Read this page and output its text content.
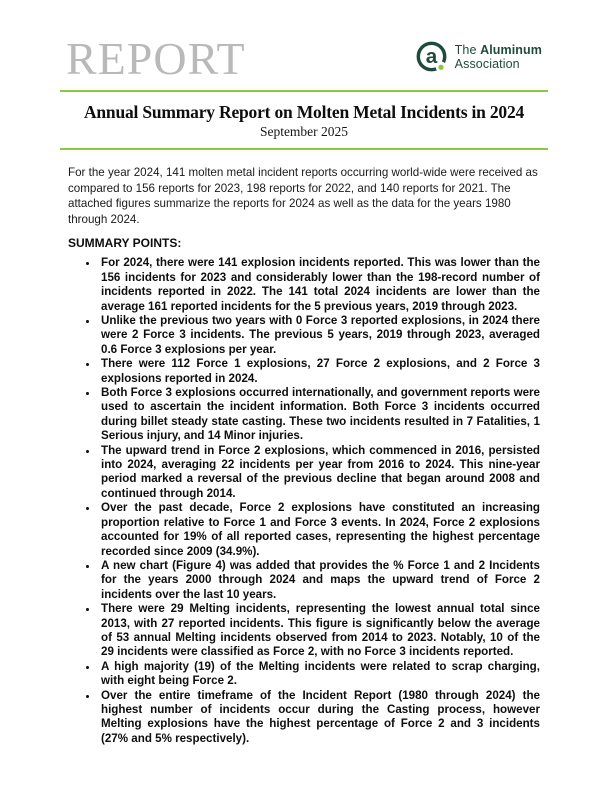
REPORT	a The Aluminum
Association
Annual Summary Report on Molten Metal Incidents in 2024
September 2025

For the year 2024, 141 molten metal incident reports occurring world-wide were received as compared to 156 reports for 2023, 198 reports for 2022, and 140 reports for 2021. The attached figures summarize the reports for 2024 as well as the data for the years 1980 through 2024.

SUMMARY POINTS:
• For 2024, there were 141 explosion incidents reported. This was lower than the 156 incidents for 2023 and considerably lower than the 198-record number of incidents reported in 2022. The 141 total 2024 incidents are lower than the average 161 reported incidents for the 5 previous years, 2019 through 2023.
• Unlike the previous two years with 0 Force 3 reported explosions, in 2024 there were 2 Force 3 incidents. The previous 5 years, 2019 through 2023, averaged 0.6 Force 3 explosions per year.
• There were 112 Force 1 explosions, 27 Force 2 explosions, and 2 Force 3 explosions reported in 2024.
• Both Force 3 explosions occurred internationally, and government reports were used to ascertain the incident information. Both Force 3 incidents occurred during billet steady state casting. These two incidents resulted in 7 Fatalities, 1 Serious injury, and 14 Minor injuries.
• The upward trend in Force 2 explosions, which commenced in 2016, persisted into 2024, averaging 22 incidents per year from 2016 to 2024. This nine-year period marked a reversal of the previous decline that began around 2008 and continued through 2014.
• Over the past decade, Force 2 explosions have constituted an increasing proportion relative to Force 1 and Force 3 events. In 2024, Force 2 explosions accounted for 19% of all reported cases, representing the highest percentage recorded since 2009 (34.9%).
• A new chart (Figure 4) was added that provides the % Force 1 and 2 Incidents for the years 2000 through 2024 and maps the upward trend of Force 2 incidents over the last 10 years.
• There were 29 Melting incidents, representing the lowest annual total since 2013, with 27 reported incidents. This figure is significantly below the average of 53 annual Melting incidents observed from 2014 to 2023. Notably, 10 of the 29 incidents were classified as Force 2, with no Force 3 incidents reported.
• A high majority (19) of the Melting incidents were related to scrap charging, with eight being Force 2.
• Over the entire timeframe of the Incident Report (1980 through 2024) the highest number of incidents occur during the Casting process, however Melting explosions have the highest percentage of Force 2 and 3 incidents (27% and 5% respectively).
